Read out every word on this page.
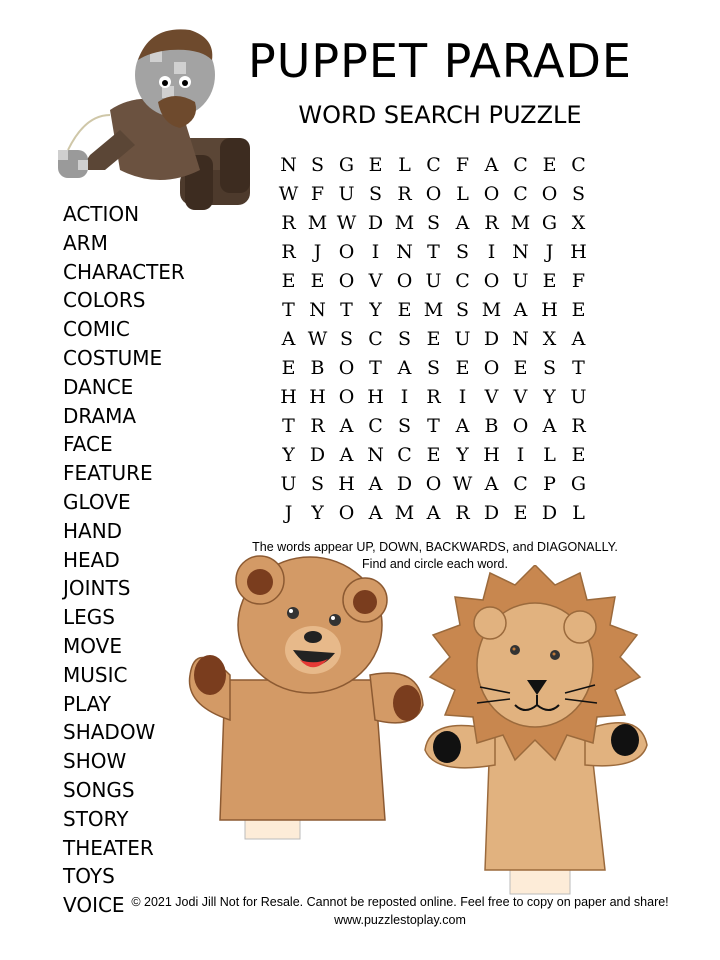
PUPPET PARADE
WORD SEARCH PUZZLE
N S G E L C F A C E C
W F U S R O L O C O S
R M W D M S A R M G X
R J O I N T S I N J H
E E O V O U C O U E F
T N T Y E M S M A H E
A W S C S E U D N X A
E B O T A S E O E S T
H H O H I R I V V Y U
T R A C S T A B O A R
Y D A N C E Y H I L E
U S H A D O W A C P G
J Y O A M A R D E D L
ACTION
ARM
CHARACTER
COLORS
COMIC
COSTUME
DANCE
DRAMA
FACE
FEATURE
GLOVE
HAND
HEAD
JOINTS
LEGS
MOVE
MUSIC
PLAY
SHADOW
SHOW
SONGS
STORY
THEATER
TOYS
VOICE
The words appear UP, DOWN, BACKWARDS, and DIAGONALLY.
Find and circle each word.
© 2021 Jodi Jill Not for Resale. Cannot be reposted online. Feel free to copy on paper and share!
www.puzzlestoplay.com
